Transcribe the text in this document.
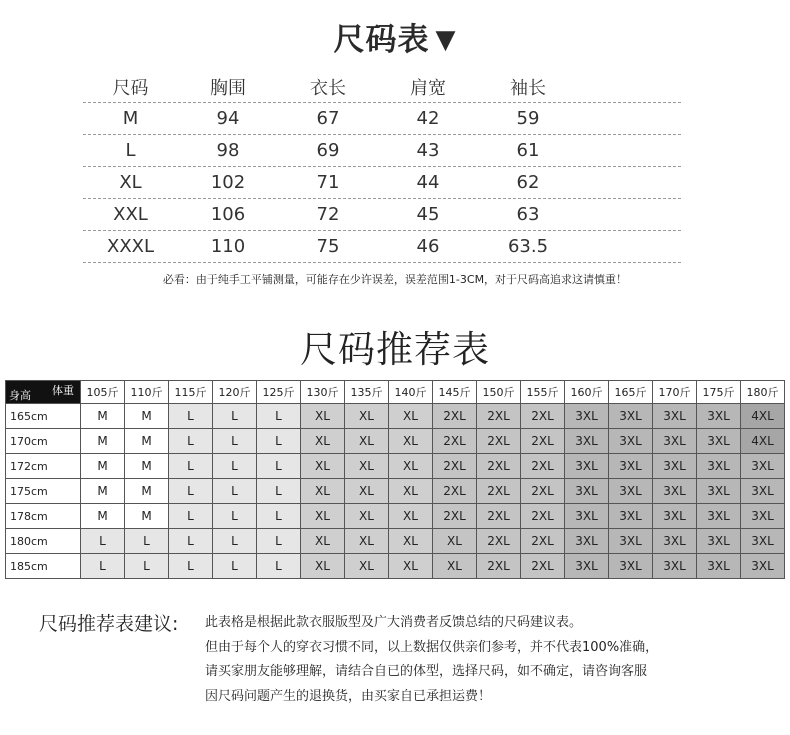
尺码表 ▼
尺码	胸围	衣长	肩宽	袖长
M	94	67	42	59
L	98	69	43	61
XL	102	71	44	62
XXL	106	72	45	63
XXXL	110	75	46	63.5
必看：由于纯手工平铺测量，可能存在少许误差，误差范围1-3CM，对于尺码高追求这请慎重！
尺码推荐表
体重
身高	105斤	110斤	115斤	120斤	125斤	130斤	135斤	140斤	145斤	150斤	155斤	160斤	165斤	170斤	175斤	180斤
165cm	M	M	L	L	L	XL	XL	XL	2XL	2XL	2XL	3XL	3XL	3XL	3XL	4XL
170cm	M	M	L	L	L	XL	XL	XL	2XL	2XL	2XL	3XL	3XL	3XL	3XL	4XL
172cm	M	M	L	L	L	XL	XL	XL	2XL	2XL	2XL	3XL	3XL	3XL	3XL	3XL
175cm	M	M	L	L	L	XL	XL	XL	2XL	2XL	2XL	3XL	3XL	3XL	3XL	3XL
178cm	M	M	L	L	L	XL	XL	XL	2XL	2XL	2XL	3XL	3XL	3XL	3XL	3XL
180cm	L	L	L	L	L	XL	XL	XL	XL	2XL	2XL	3XL	3XL	3XL	3XL	3XL
185cm	L	L	L	L	L	XL	XL	XL	XL	2XL	2XL	3XL	3XL	3XL	3XL	3XL
尺码推荐表建议: 此表格是根据此款衣服版型及广大消费者反馈总结的尺码建议表。
但由于每个人的穿衣习惯不同，以上数据仅供亲们参考，并不代表100%准确，
请买家朋友能够理解，请结合自已的体型，选择尺码，如不确定，请咨询客服
因尺码问题产生的退换货，由买家自已承担运费！
